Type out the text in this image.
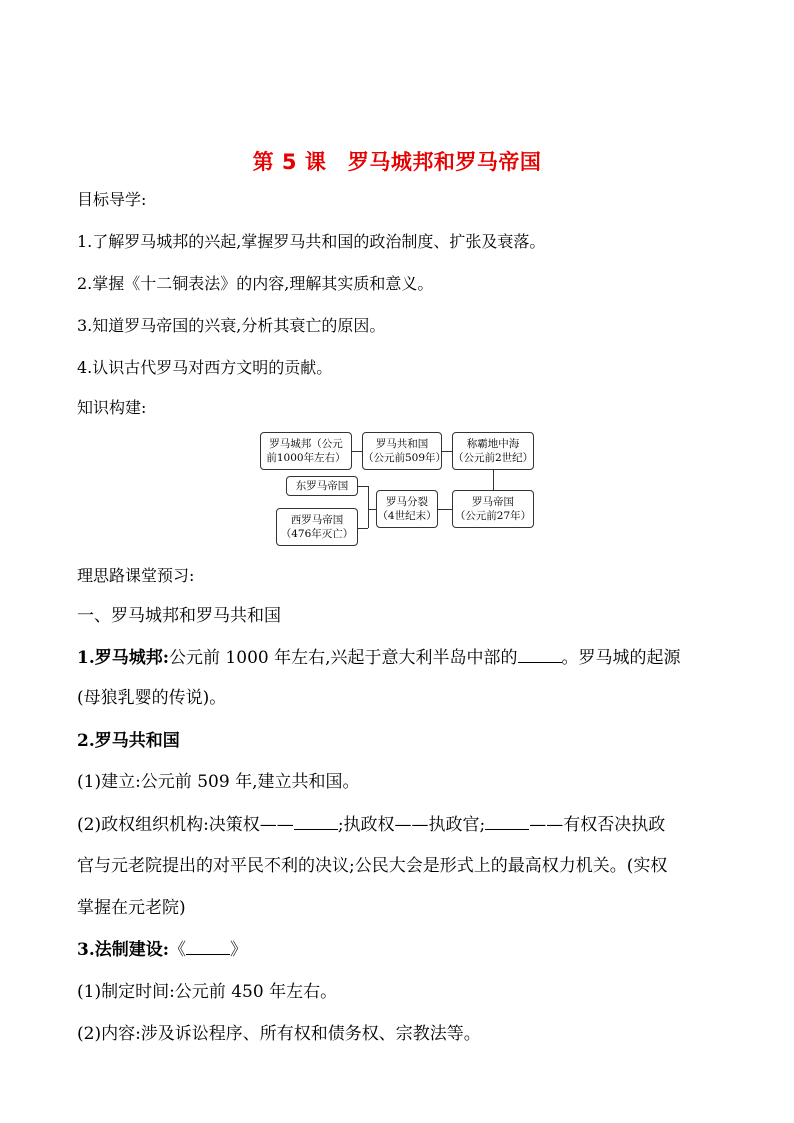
第 5 课　罗马城邦和罗马帝国
目标导学:
1.了解罗马城邦的兴起,掌握罗马共和国的政治制度、扩张及衰落。
2.掌握《十二铜表法》的内容,理解其实质和意义。
3.知道罗马帝国的兴衰,分析其衰亡的原因。
4.认识古代罗马对西方文明的贡献。
知识构建:
罗马城邦（公元
前1000年左右）
罗马共和国
（公元前509年）
称霸地中海
（公元前2世纪）
东罗马帝国
罗马分裂
（4世纪末）
罗马帝国
（公元前27年）
西罗马帝国
（476年灭亡）
理思路课堂预习:
一、罗马城邦和罗马共和国
1.罗马城邦:公元前 1000 年左右,兴起于意大利半岛中部的	。罗马城的起源
(母狼乳婴的传说)。
2.罗马共和国
(1)建立:公元前 509 年,建立共和国。
(2)政权组织机构:决策权——	;执政权——执政官;	——有权否决执政
官与元老院提出的对平民不利的决议;公民大会是形式上的最高权力机关。(实权
掌握在元老院)
3.法制建设:《	》
(1)制定时间:公元前 450 年左右。
(2)内容:涉及诉讼程序、所有权和债务权、宗教法等。
